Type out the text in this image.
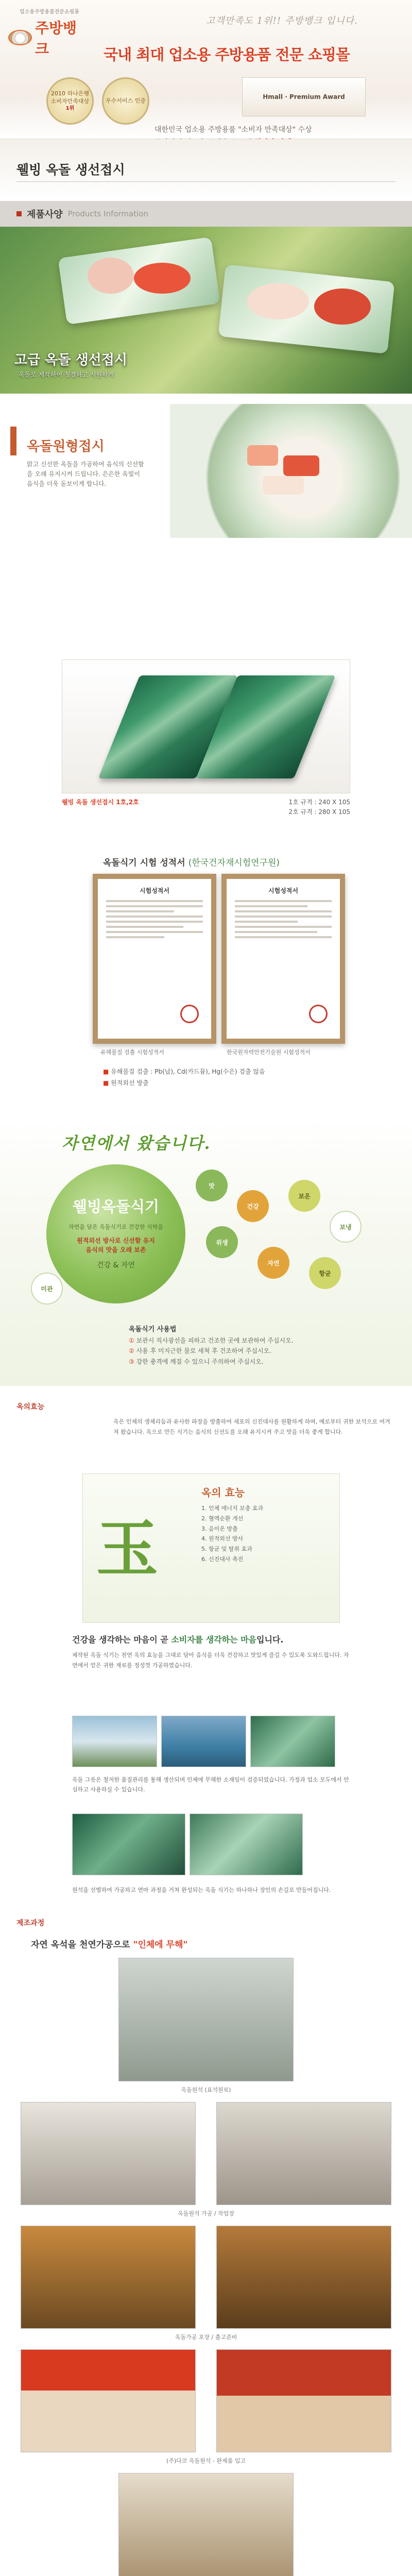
업소용주방용품전문쇼핑몰
주방뱅크
고객만족도 1위!! 주방뱅크 입니다.
국내 최대 업소용 주방용품 전문 쇼핑몰
2010 하나은행 소비자만족대상
1위
우수서비스 인증
Hmall · Premium Award
대한민국 업소용 주방용품 "소비자 만족대상" 수상
웰빙 옥돌 생선접시
제품사양 Products Information
고급 옥돌 생선접시
옥돌로 제작하여 청결하고 시원하게
옥돌원형접시
맑고 신선한 옥돌을 가공하여 음식의 신선함을 오래 유지시켜 드립니다. 은은한 옥빛이 음식을 더욱 돋보이게 합니다.
웰빙 옥돌 생선접시 1호,2호	1호 규격 : 240 X 105
2호 규격 : 280 X 105
옥돌식기 시험 성적서 (한국건자재시험연구원)
시험성적서	시험성적서
유해물질 검출 시험성적서	한국원자력안전기술원 시험성적서
■ 유해물질 검출 : Pb(납), Cd(카드뮴), Hg(수은) 검출 않음
■ 원적외선 방출
자연에서 왔습니다.
웰빙옥돌식기
자연을 담은 옥돌식기로 건강한 식탁을
원적외선 방사로 신선함 유지
음식의 맛을 오래 보존
건강 & 자연
맛
건강
보온
보냉
위생
자연
항균
미관
옥돌식기 사용법
① 보관시 직사광선을 피하고 건조한 곳에 보관하여 주십시오.
② 사용 후 미지근한 물로 세척 후 건조하여 주십시오.
③ 강한 충격에 깨질 수 있으니 주의하여 주십시오.
옥의효능
옥은 인체의 생체리듬과 유사한 파장을 방출하여 세포의 신진대사를 원활하게 하며, 예로부터 귀한 보석으로 여겨져 왔습니다. 옥으로 만든 식기는 음식의 신선도를 오래 유지시켜 주고 맛을 더욱 좋게 합니다.
玉
옥의 효능
1. 인체 에너지 보충 효과
2. 혈액순환 개선
3. 음이온 방출
4. 원적외선 방사
5. 항균 및 탈취 효과
6. 신진대사 촉진
건강을 생각하는 마음이 곧 소비자를 생각하는 마음입니다.

제작된 옥돌 식기는 천연 옥의 효능을 그대로 담아 음식을 더욱 건강하고 맛있게 즐길 수 있도록 도와드립니다. 자연에서 얻은 귀한 재료를 정성껏 가공하였습니다.

옥돌 그릇은 철저한 품질관리를 통해 생산되며 인체에 무해한 소재임이 검증되었습니다. 가정과 업소 모두에서 안심하고 사용하실 수 있습니다.
원석을 선별하여 가공하고 연마 과정을 거쳐 완성되는 옥돌 식기는 하나하나 장인의 손길로 만들어집니다.
제조과정
자연 옥석을 천연가공으로 "인체에 무해"
옥돌원석 (표석원료)
옥돌원석 가공 / 작업장
옥돌가공 포장 / 출고준비
(주)다코 옥돌원석 - 완제품 입고
